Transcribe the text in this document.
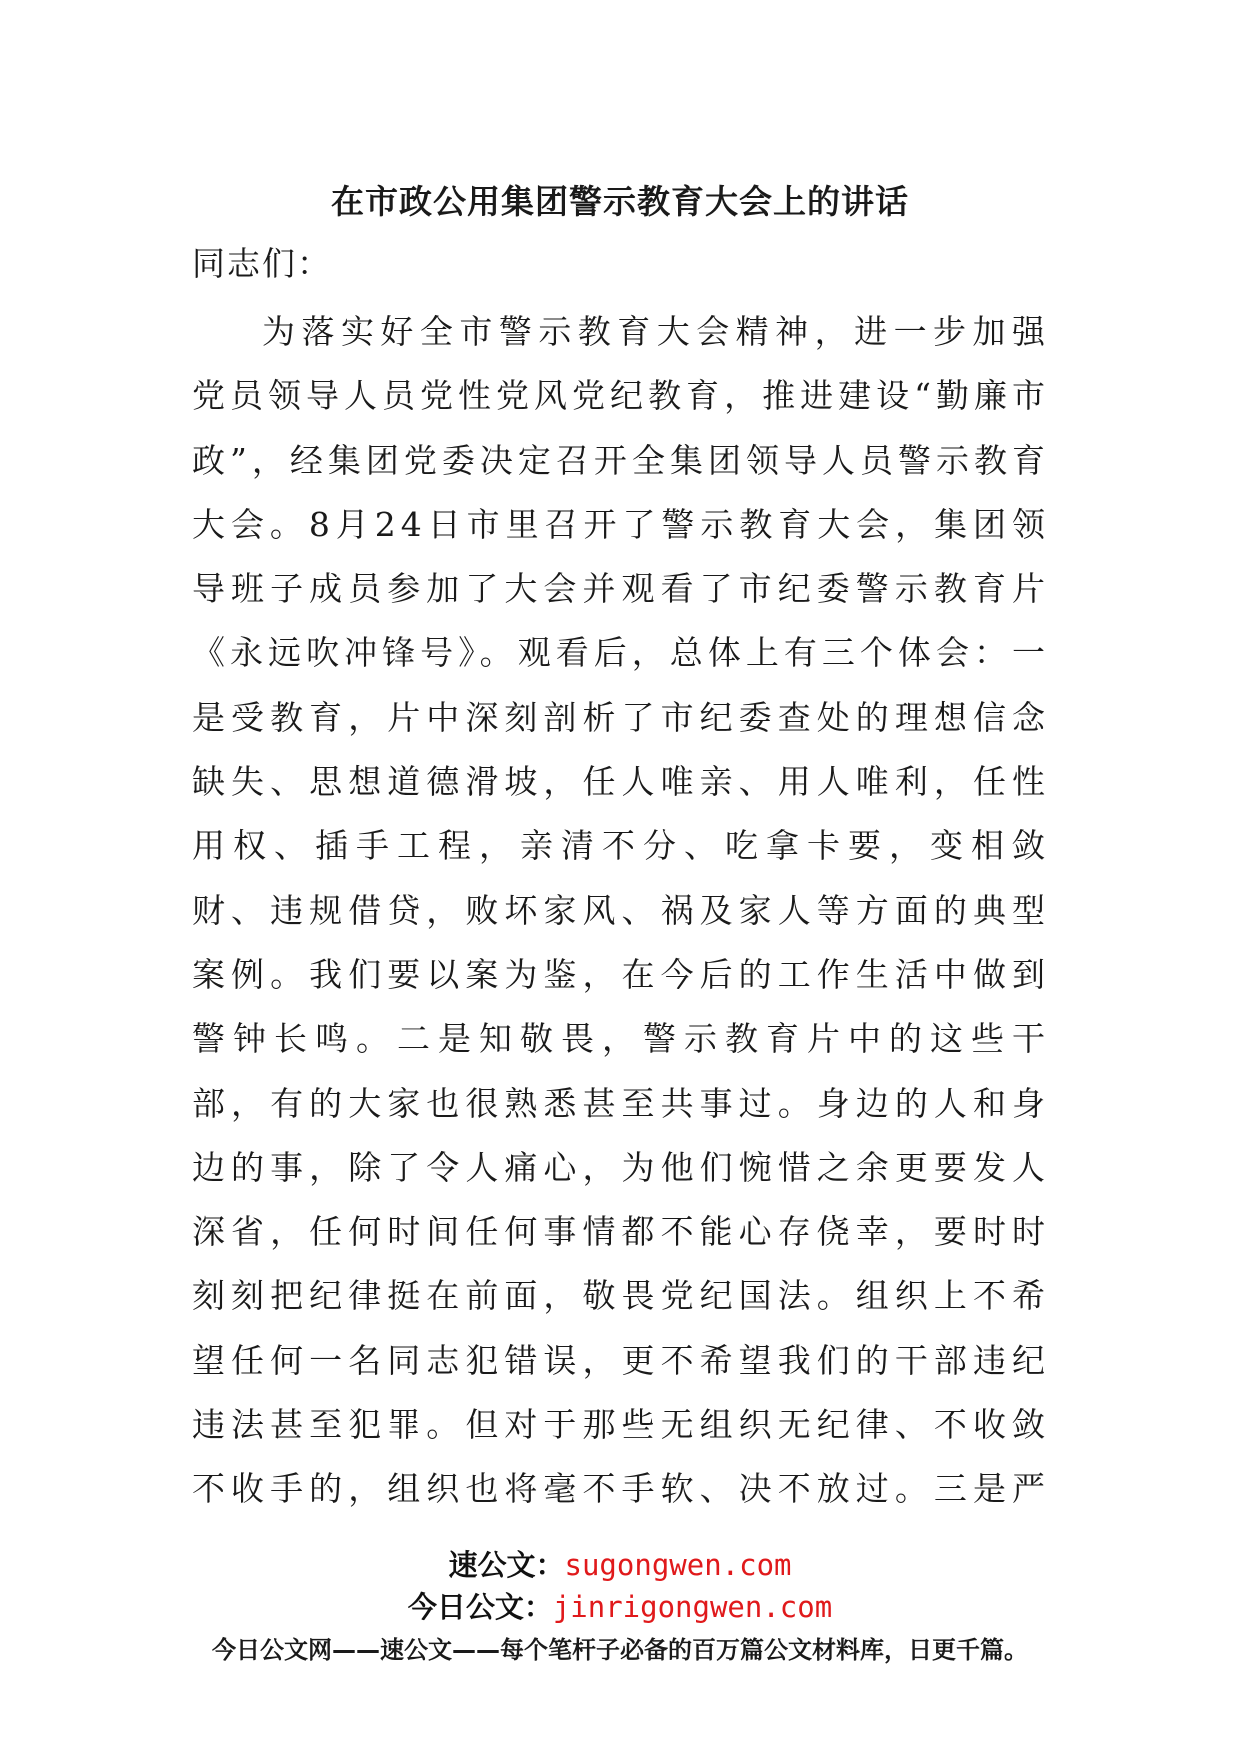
在市政公用集团警示教育大会上的讲话

同志们：

为落实好全市警示教育大会精神，进一步加强党员领导人员党性党风党纪教育，推进建设“勤廉市政”，经集团党委决定召开全集团领导人员警示教育大会。8月24日市里召开了警示教育大会，集团领导班子成员参加了大会并观看了市纪委警示教育片《永远吹冲锋号》。观看后，总体上有三个体会：一是受教育，片中深刻剖析了市纪委查处的理想信念缺失、思想道德滑坡，任人唯亲、用人唯利，任性用权、插手工程，亲清不分、吃拿卡要，变相敛财、违规借贷，败坏家风、祸及家人等方面的典型案例。我们要以案为鉴，在今后的工作生活中做到警钟长鸣。二是知敬畏，警示教育片中的这些干部，有的大家也很熟悉甚至共事过。身边的人和身边的事，除了令人痛心，为他们惋惜之余更要发人深省，任何时间任何事情都不能心存侥幸，要时时刻刻把纪律挺在前面，敬畏党纪国法。组织上不希望任何一名同志犯错误，更不希望我们的干部违纪违法甚至犯罪。但对于那些无组织无纪律、不收敛不收手的，组织也将毫不手软、决不放过。三是严

速公文：sugongwen.com
今日公文：jinrigongwen.com
今日公文网——速公文——每个笔杆子必备的百万篇公文材料库，日更千篇。
